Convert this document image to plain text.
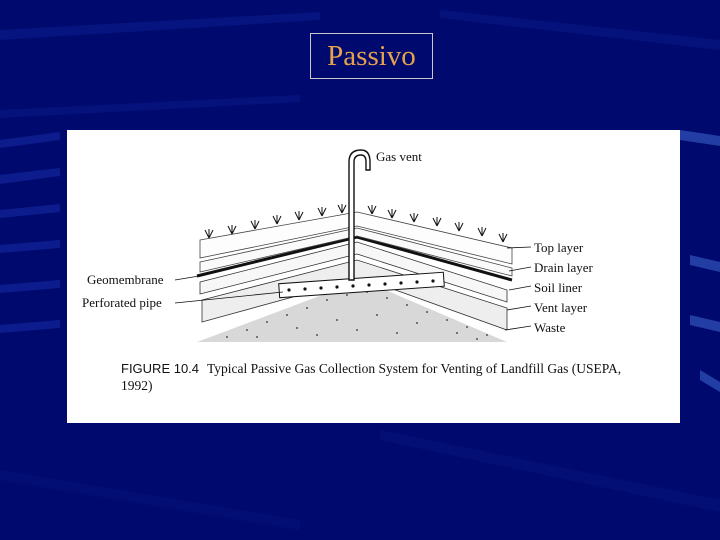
Passivo
Gas vent
Top layer
Drain layer
Soil liner
Vent layer
Waste
Geomembrane
Perforated pipe
FIGURE 10.4 Typical Passive Gas Collection System for Venting of Landfill Gas (USEPA,
1992)
